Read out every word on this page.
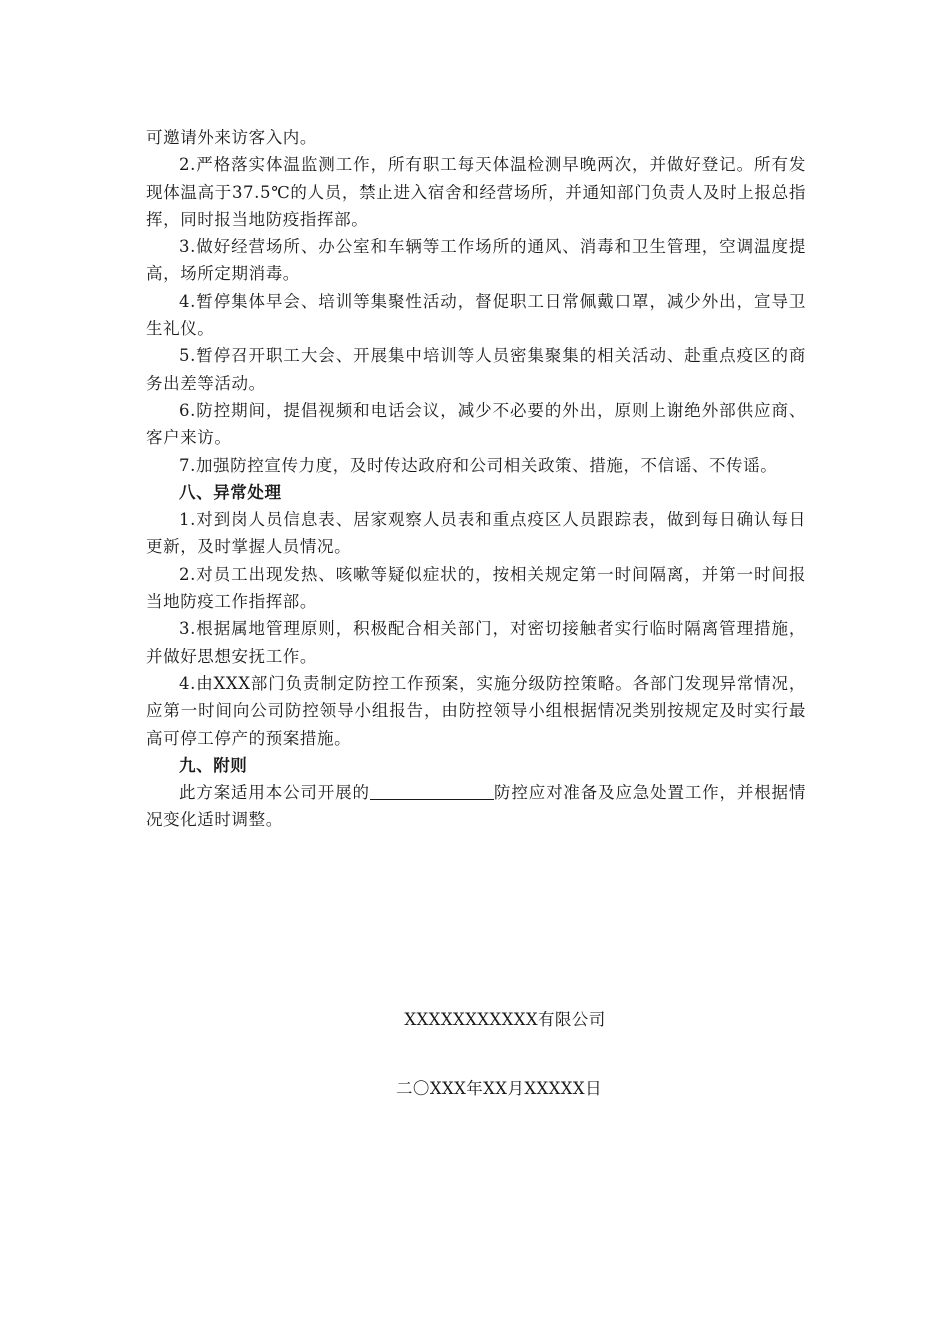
可邀请外来访客入内。

2.严格落实体温监测工作，所有职工每天体温检测早晚两次，并做好登记。所有发现体温高于37.5℃的人员，禁止进入宿舍和经营场所，并通知部门负责人及时上报总指挥，同时报当地防疫指挥部。

3.做好经营场所、办公室和车辆等工作场所的通风、消毒和卫生管理，空调温度提高，场所定期消毒。

4.暂停集体早会、培训等集聚性活动，督促职工日常佩戴口罩，减少外出，宣导卫生礼仪。

5.暂停召开职工大会、开展集中培训等人员密集聚集的相关活动、赴重点疫区的商务出差等活动。

6.防控期间，提倡视频和电话会议，减少不必要的外出，原则上谢绝外部供应商、客户来访。

7.加强防控宣传力度，及时传达政府和公司相关政策、措施，不信谣、不传谣。

八、异常处理

1.对到岗人员信息表、居家观察人员表和重点疫区人员跟踪表，做到每日确认每日更新，及时掌握人员情况。

2.对员工出现发热、咳嗽等疑似症状的，按相关规定第一时间隔离，并第一时间报当地防疫工作指挥部。

3.根据属地管理原则，积极配合相关部门，对密切接触者实行临时隔离管理措施，并做好思想安抚工作。

4.由XXX部门负责制定防控工作预案，实施分级防控策略。各部门发现异常情况，应第一时间向公司防控领导小组报告，由防控领导小组根据情况类别按规定及时实行最高可停工停产的预案措施。

九、附则

此方案适用本公司开展的	防控应对准备及应急处置工作，并根据情况变化适时调整。

XXXXXXXXXXX有限公司

二〇XXX年XX月XXXXX日
